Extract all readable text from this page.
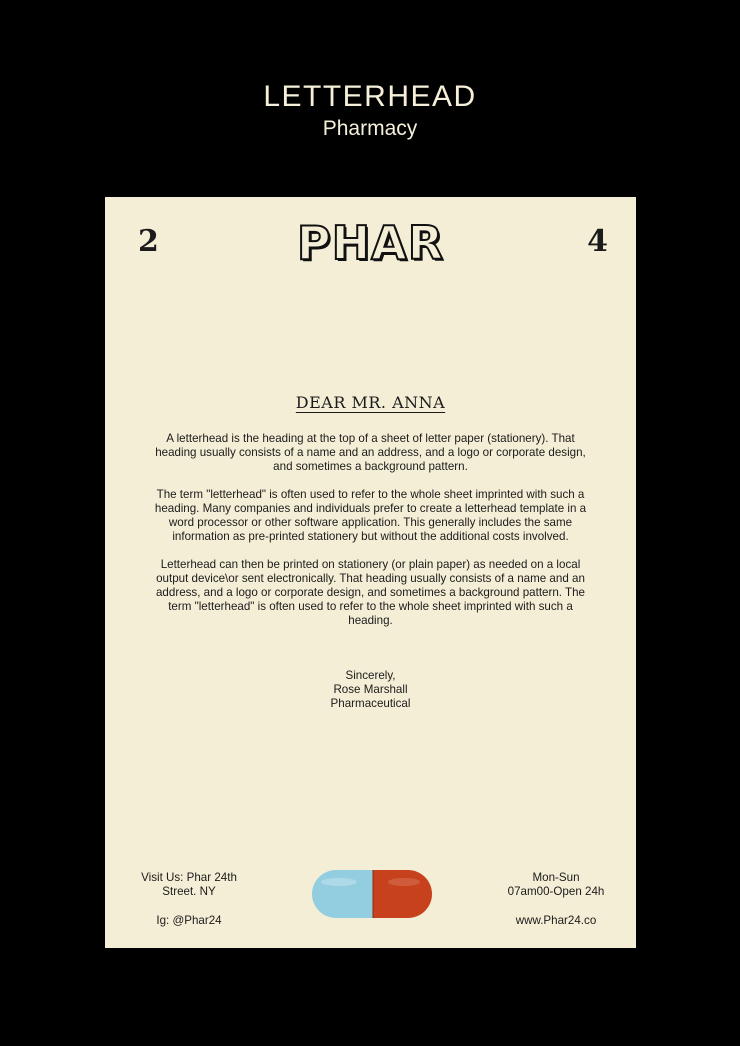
LETTERHEAD
Pharmacy
2	PHAR	4
DEAR MR. ANNA

A letterhead is the heading at the top of a sheet of letter paper (stationery). That heading usually consists of a name and an address, and a logo or corporate design, and sometimes a background pattern.

The term "letterhead" is often used to refer to the whole sheet imprinted with such a heading. Many companies and individuals prefer to create a letterhead template in a word processor or other software application. This generally includes the same information as pre-printed stationery but without the additional costs involved.

Letterhead can then be printed on stationery (or plain paper) as needed on a local output device\or sent electronically. That heading usually consists of a name and an address, and a logo or corporate design, and sometimes a background pattern. The term "letterhead" is often used to refer to the whole sheet imprinted with such a heading.

Sincerely,
Rose Marshall
Pharmaceutical
Visit Us: Phar 24th
Street. NY
Ig: @Phar24
Mon-Sun
07am00-Open 24h
www.Phar24.co
